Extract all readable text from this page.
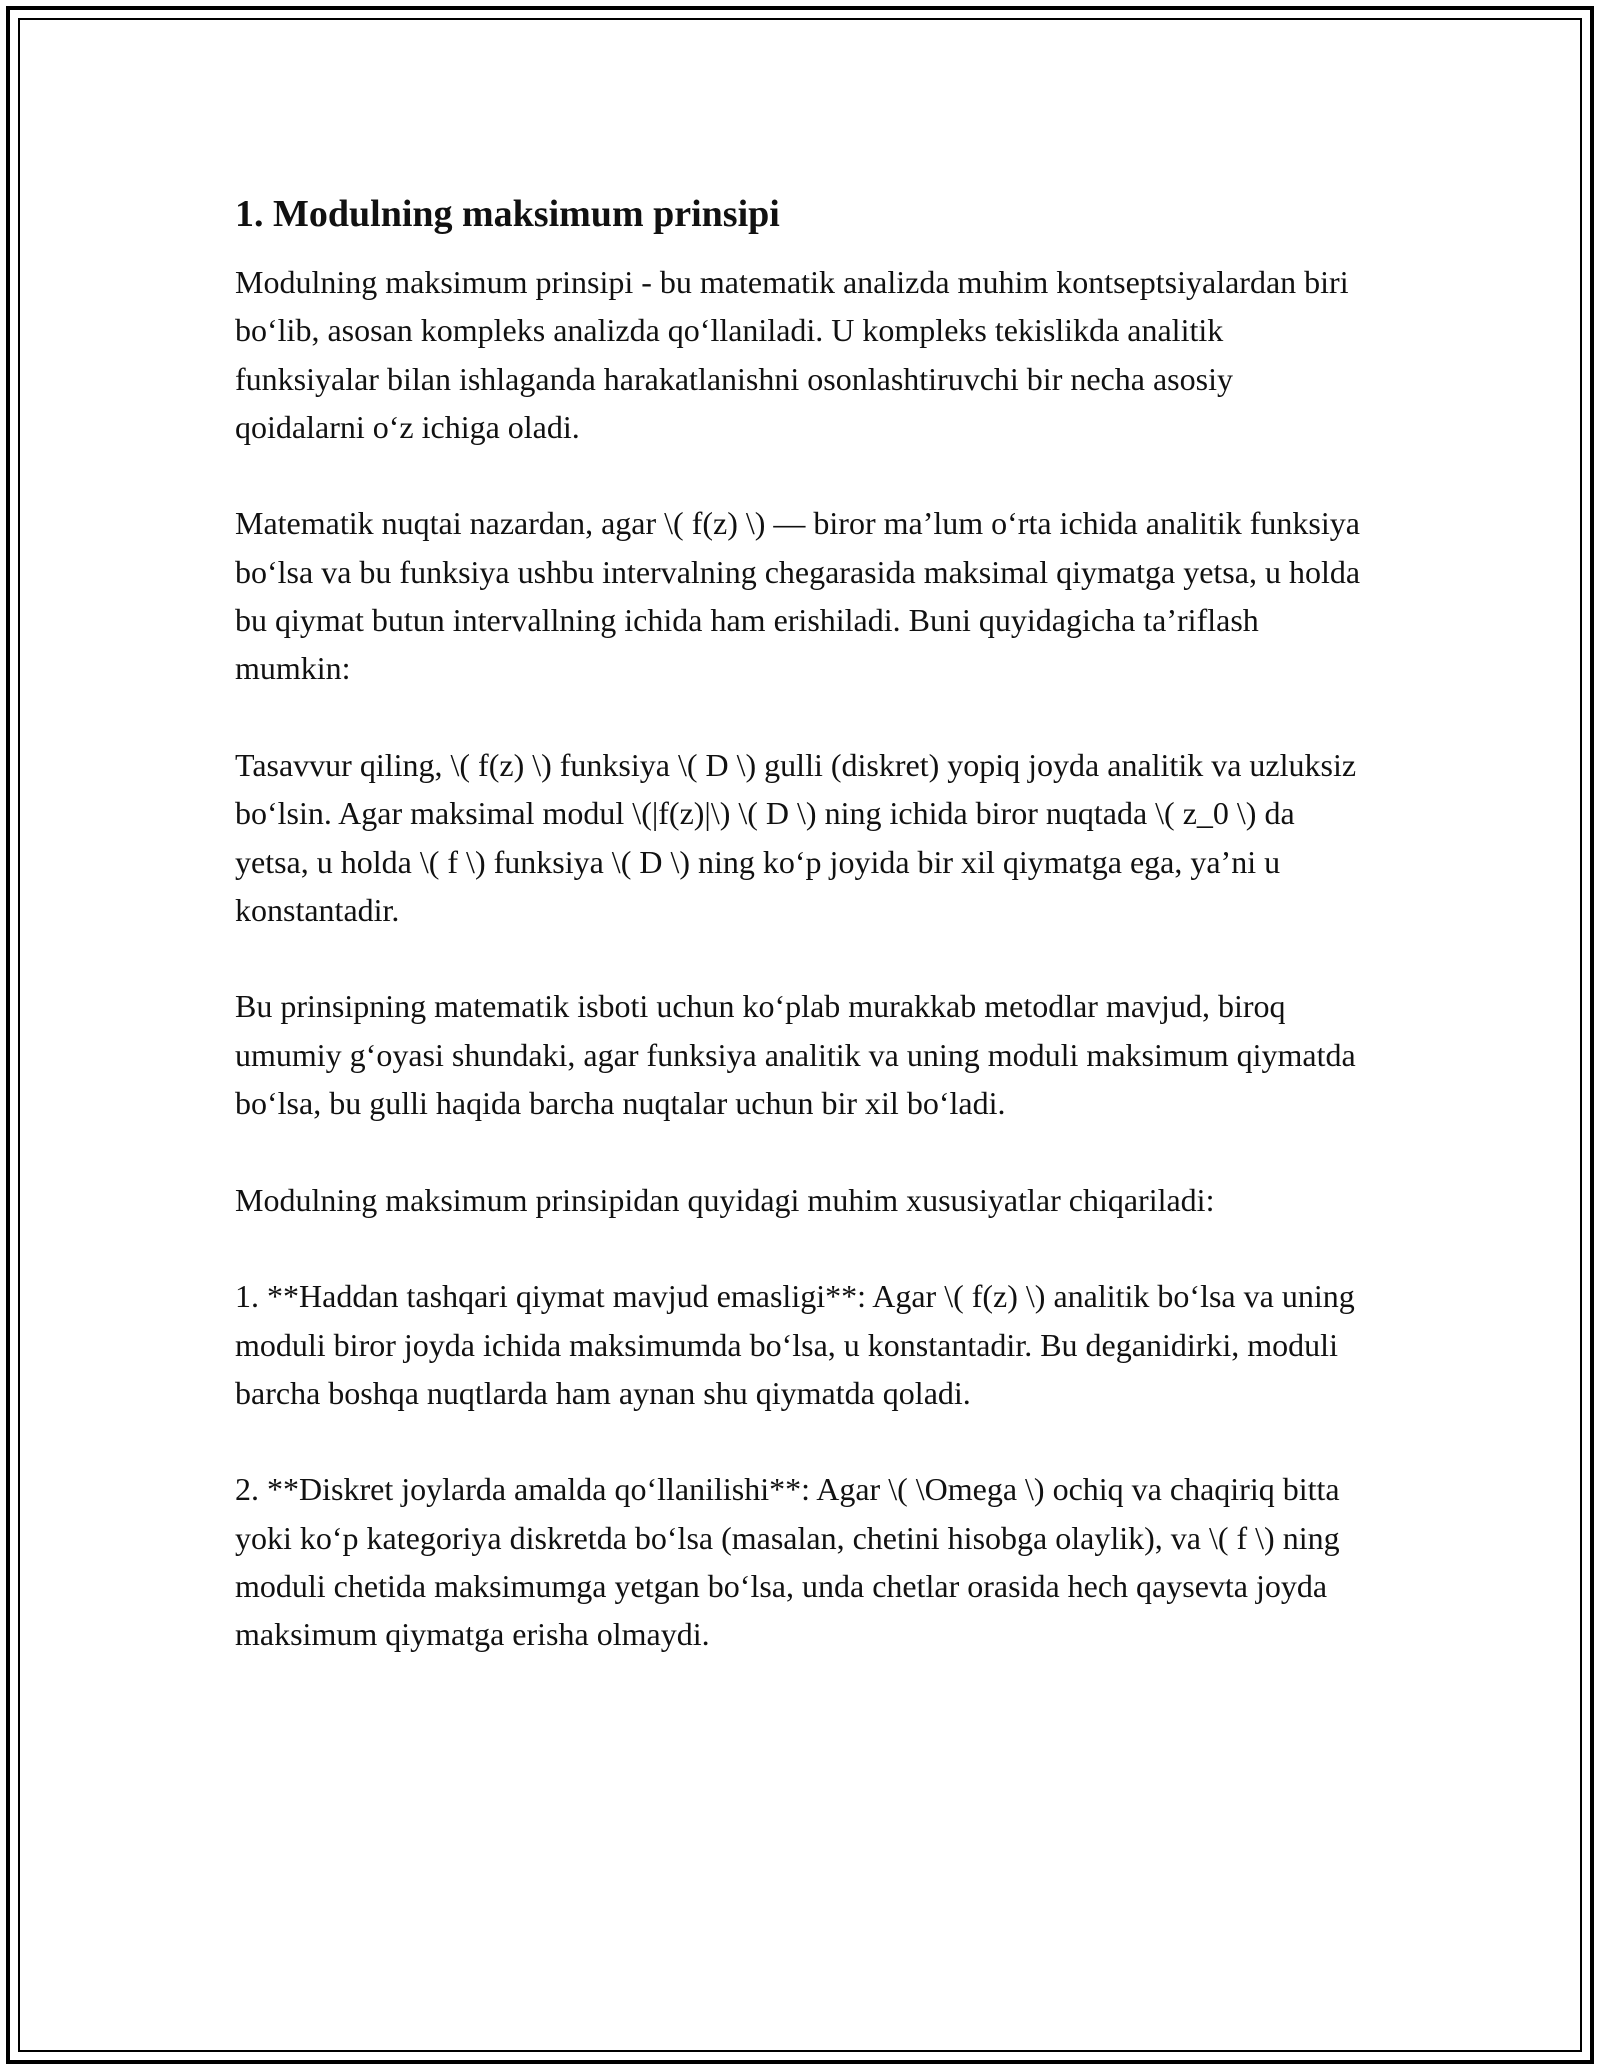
1. Modulning maksimum prinsipi

Modulning maksimum prinsipi - bu matematik analizda muhim kontseptsiyalardan biri bo‘lib, asosan kompleks analizda qo‘llaniladi. U kompleks tekislikda analitik funksiyalar bilan ishlaganda harakatlanishni osonlashtiruvchi bir necha asosiy qoidalarni o‘z ichiga oladi.

Matematik nuqtai nazardan, agar \( f(z) \) — biror ma’lum o‘rta ichida analitik funksiya bo‘lsa va bu funksiya ushbu intervalning chegarasida maksimal qiymatga yetsa, u holda bu qiymat butun intervallning ichida ham erishiladi. Buni quyidagicha ta’riflash mumkin:

Tasavvur qiling, \( f(z) \) funksiya \( D \) gulli (diskret) yopiq joyda analitik va uzluksiz bo‘lsin. Agar maksimal modul \(|f(z)|\) \( D \) ning ichida biror nuqtada \( z_0 \) da yetsa, u holda \( f \) funksiya \( D \) ning ko‘p joyida bir xil qiymatga ega, ya’ni u konstantadir.

Bu prinsipning matematik isboti uchun ko‘plab murakkab metodlar mavjud, biroq umumiy g‘oyasi shundaki, agar funksiya analitik va uning moduli maksimum qiymatda bo‘lsa, bu gulli haqida barcha nuqtalar uchun bir xil bo‘ladi.

Modulning maksimum prinsipidan quyidagi muhim xususiyatlar chiqariladi:

1. **Haddan tashqari qiymat mavjud emasligi**: Agar \( f(z) \) analitik bo‘lsa va uning moduli biror joyda ichida maksimumda bo‘lsa, u konstantadir. Bu deganidirki, moduli barcha boshqa nuqtlarda ham aynan shu qiymatda qoladi.

2. **Diskret joylarda amalda qo‘llanilishi**: Agar \( \Omega \) ochiq va chaqiriq bitta yoki ko‘p kategoriya diskretda bo‘lsa (masalan, chetini hisobga olaylik), va \( f \) ning moduli chetida maksimumga yetgan bo‘lsa, unda chetlar orasida hech qaysevta joyda maksimum qiymatga erisha olmaydi.
